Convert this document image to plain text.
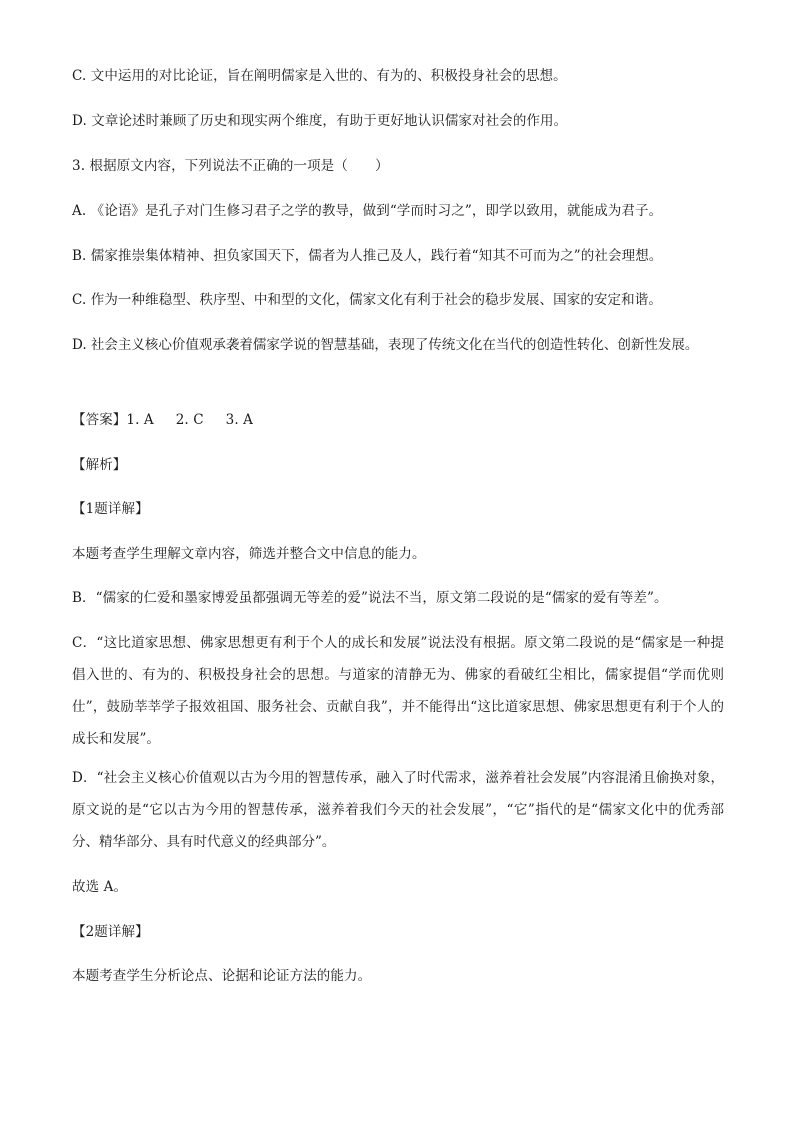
C. 文中运用的对比论证，旨在阐明儒家是入世的、有为的、积极投身社会的思想。
D. 文章论述时兼顾了历史和现实两个维度，有助于更好地认识儒家对社会的作用。
3. 根据原文内容，下列说法不正确的一项是（　　）
A. 《论语》是孔子对门生修习君子之学的教导，做到“学而时习之”，即学以致用，就能成为君子。
B. 儒家推崇集体精神、担负家国天下，儒者为人推己及人，践行着“知其不可而为之”的社会理想。
C. 作为一种维稳型、秩序型、中和型的文化，儒家文化有利于社会的稳步发展、国家的安定和谐。
D. 社会主义核心价值观承袭着儒家学说的智慧基础，表现了传统文化在当代的创造性转化、创新性发展。
【答案】1. A 2. C 3. A
【解析】
【1题详解】
本题考查学生理解文章内容，筛选并整合文中信息的能力。
B．“儒家的仁爱和墨家博爱虽都强调无等差的爱”说法不当，原文第二段说的是“儒家的爱有等差”。
C．“这比道家思想、佛家思想更有利于个人的成长和发展”说法没有根据。原文第二段说的是“儒家是一种提倡入世的、有为的、积极投身社会的思想。与道家的清静无为、佛家的看破红尘相比，儒家提倡“学而优则仕”，鼓励莘莘学子报效祖国、服务社会、贡献自我”，并不能得出“这比道家思想、佛家思想更有利于个人的成长和发展”。
D．“社会主义核心价值观以古为今用的智慧传承，融入了时代需求，滋养着社会发展”内容混淆且偷换对象，原文说的是“它以古为今用的智慧传承，滋养着我们今天的社会发展”，“它”指代的是“儒家文化中的优秀部分、精华部分、具有时代意义的经典部分”。
故选 A。
【2题详解】
本题考查学生分析论点、论据和论证方法的能力。
